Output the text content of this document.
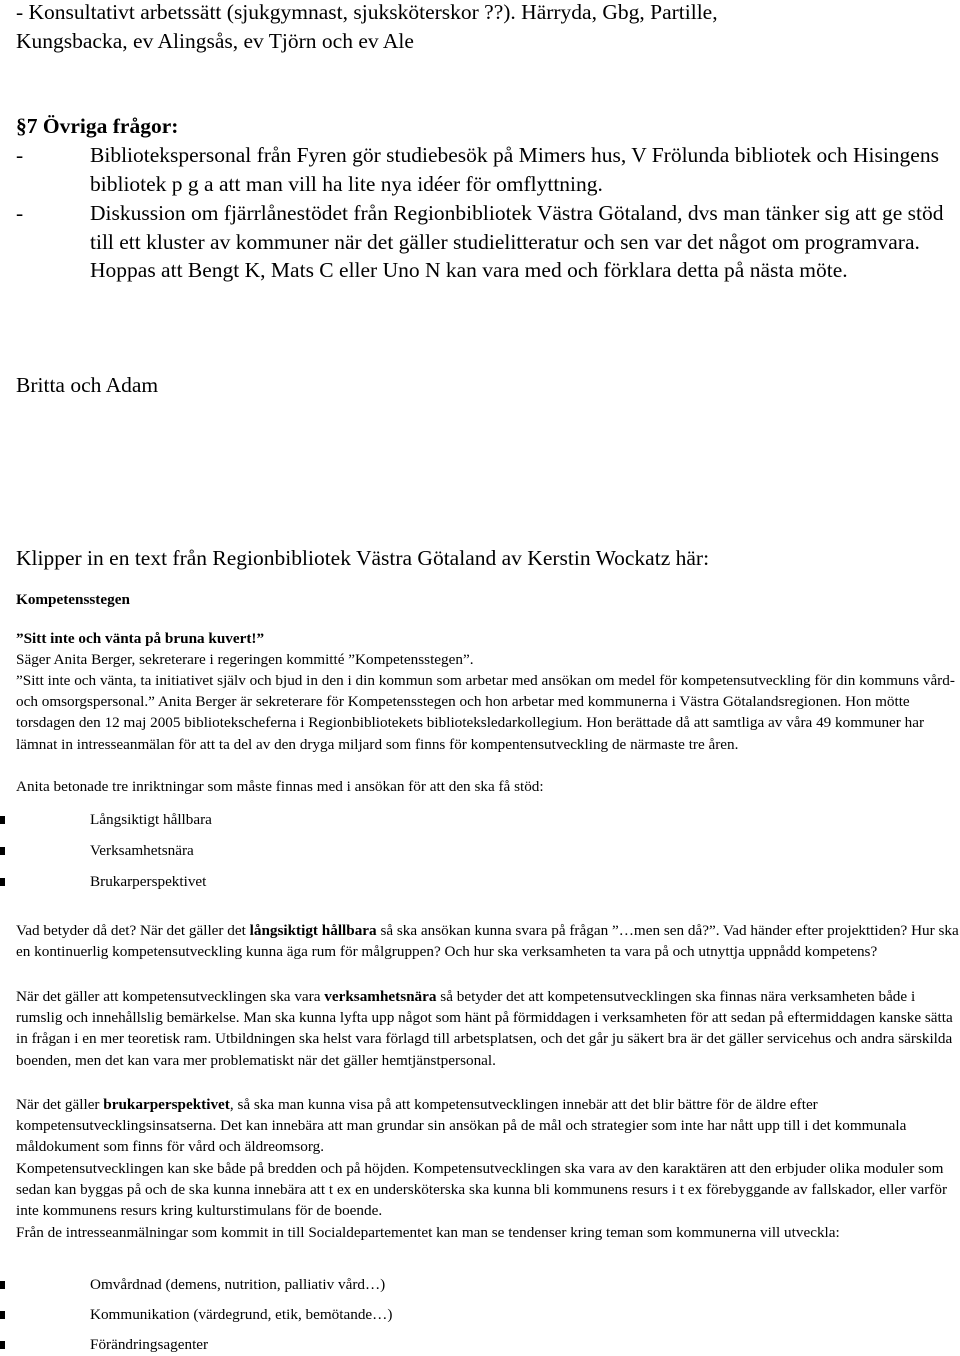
- Konsultativt arbetssätt (sjukgymnast, sjuksköterskor ??). Härryda, Gbg, Partille,
Kungsbacka, ev Alingsås, ev Tjörn och ev Ale
§7 Övriga frågor:
-	Bibliotekspersonal från Fyren gör studiebesök på Mimers hus, V Frölunda bibliotek och Hisingens bibliotek p g a att man vill ha lite nya idéer för omflyttning.
-	Diskussion om fjärrlånestödet från Regionbibliotek Västra Götaland, dvs man tänker sig att ge stöd till ett kluster av kommuner när det gäller studielitteratur och sen var det något om programvara. Hoppas att Bengt K, Mats C eller Uno N kan vara med och förklara detta på nästa möte.
Britta och Adam
Klipper in en text från Regionbibliotek Västra Götaland av Kerstin Wockatz här:
Kompetensstegen
”Sitt inte och vänta på bruna kuvert!”
Säger Anita Berger, sekreterare i regeringen kommitté ”Kompetensstegen”.
”Sitt inte och vänta, ta initiativet själv och bjud in den i din kommun som arbetar med ansökan om medel för kompetensutveckling för din kommuns vård- och omsorgspersonal.” Anita Berger är sekreterare för Kompetensstegen och hon arbetar med kommunerna i Västra Götalandsregionen. Hon mötte torsdagen den 12 maj 2005 bibliotekscheferna i Regionbibliotekets biblioteksledarkollegium. Hon berättade då att samtliga av våra 49 kommuner har lämnat in intresseanmälan för att ta del av den dryga miljard som finns för kompentensutveckling de närmaste tre åren.
Anita betonade tre inriktningar som måste finnas med i ansökan för att den ska få stöd:
Långsiktigt hållbara
Verksamhetsnära
Brukarperspektivet
Vad betyder då det? När det gäller det långsiktigt hållbara så ska ansökan kunna svara på frågan ”…men sen då?”. Vad händer efter projekttiden? Hur ska en kontinuerlig kompetensutveckling kunna äga rum för målgruppen? Och hur ska verksamheten ta vara på och utnyttja uppnådd kompetens?
När det gäller att kompetensutvecklingen ska vara verksamhetsnära så betyder det att kompetensutvecklingen ska finnas nära verksamheten både i rumslig och innehållslig bemärkelse. Man ska kunna lyfta upp något som hänt på förmiddagen i verksamheten för att sedan på eftermiddagen kanske sätta in frågan i en mer teoretisk ram. Utbildningen ska helst vara förlagd till arbetsplatsen, och det går ju säkert bra är det gäller servicehus och andra särskilda boenden, men det kan vara mer problematiskt när det gäller hemtjänstpersonal.
När det gäller brukarperspektivet, så ska man kunna visa på att kompetensutvecklingen innebär att det blir bättre för de äldre efter kompetensutvecklingsinsatserna. Det kan innebära att man grundar sin ansökan på de mål och strategier som inte har nått upp till i det kommunala måldokument som finns för vård och äldreomsorg.
Kompetensutvecklingen kan ske både på bredden och på höjden. Kompetensutvecklingen ska vara av den karaktären att den erbjuder olika moduler som sedan kan byggas på och de ska kunna innebära att t ex en undersköterska ska kunna bli kommunens resurs i t ex förebyggande av fallskador, eller varför inte kommunens resurs kring kulturstimulans för de boende.
Från de intresseanmälningar som kommit in till Socialdepartementet kan man se tendenser kring teman som kommunerna vill utveckla:
Omvårdnad (demens, nutrition, palliativ vård…)
Kommunikation (värdegrund, etik, bemötande…)
Förändringsagenter
